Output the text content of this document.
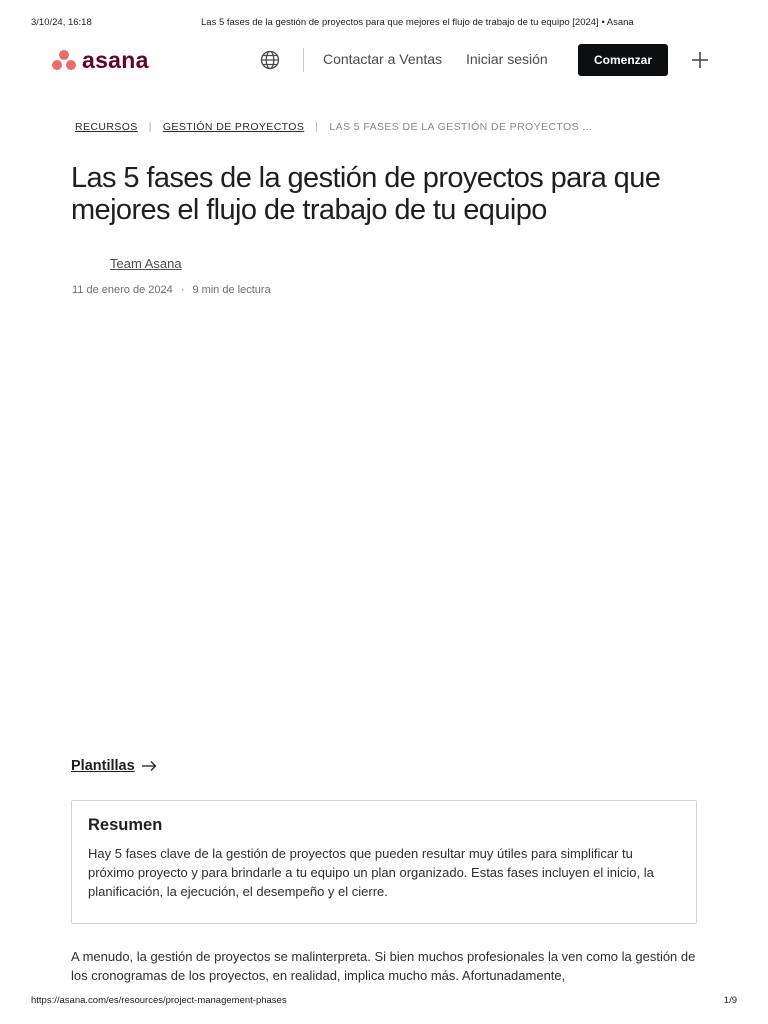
3/10/24, 16:18	Las 5 fases de la gestión de proyectos para que mejores el flujo de trabajo de tu equipo [2024] • Asana
asana	Contactar a Ventas Iniciar sesión	Comenzar
RECURSOS | GESTIÓN DE PROYECTOS | LAS 5 FASES DE LA GESTIÓN DE PROYECTOS ...
Las 5 fases de la gestión de proyectos para que mejores el flujo de trabajo de tu equipo
Team Asana
11 de enero de 2024 · 9 min de lectura
Plantillas
Resumen

Hay 5 fases clave de la gestión de proyectos que pueden resultar muy útiles para simplificar tu próximo proyecto y para brindarle a tu equipo un plan organizado. Estas fases incluyen el inicio, la planificación, la ejecución, el desempeño y el cierre.

A menudo, la gestión de proyectos se malinterpreta. Si bien muchos profesionales la ven como la gestión de los cronogramas de los proyectos, en realidad, implica mucho más. Afortunadamente,

https://asana.com/es/resources/project-management-phases	1/9
